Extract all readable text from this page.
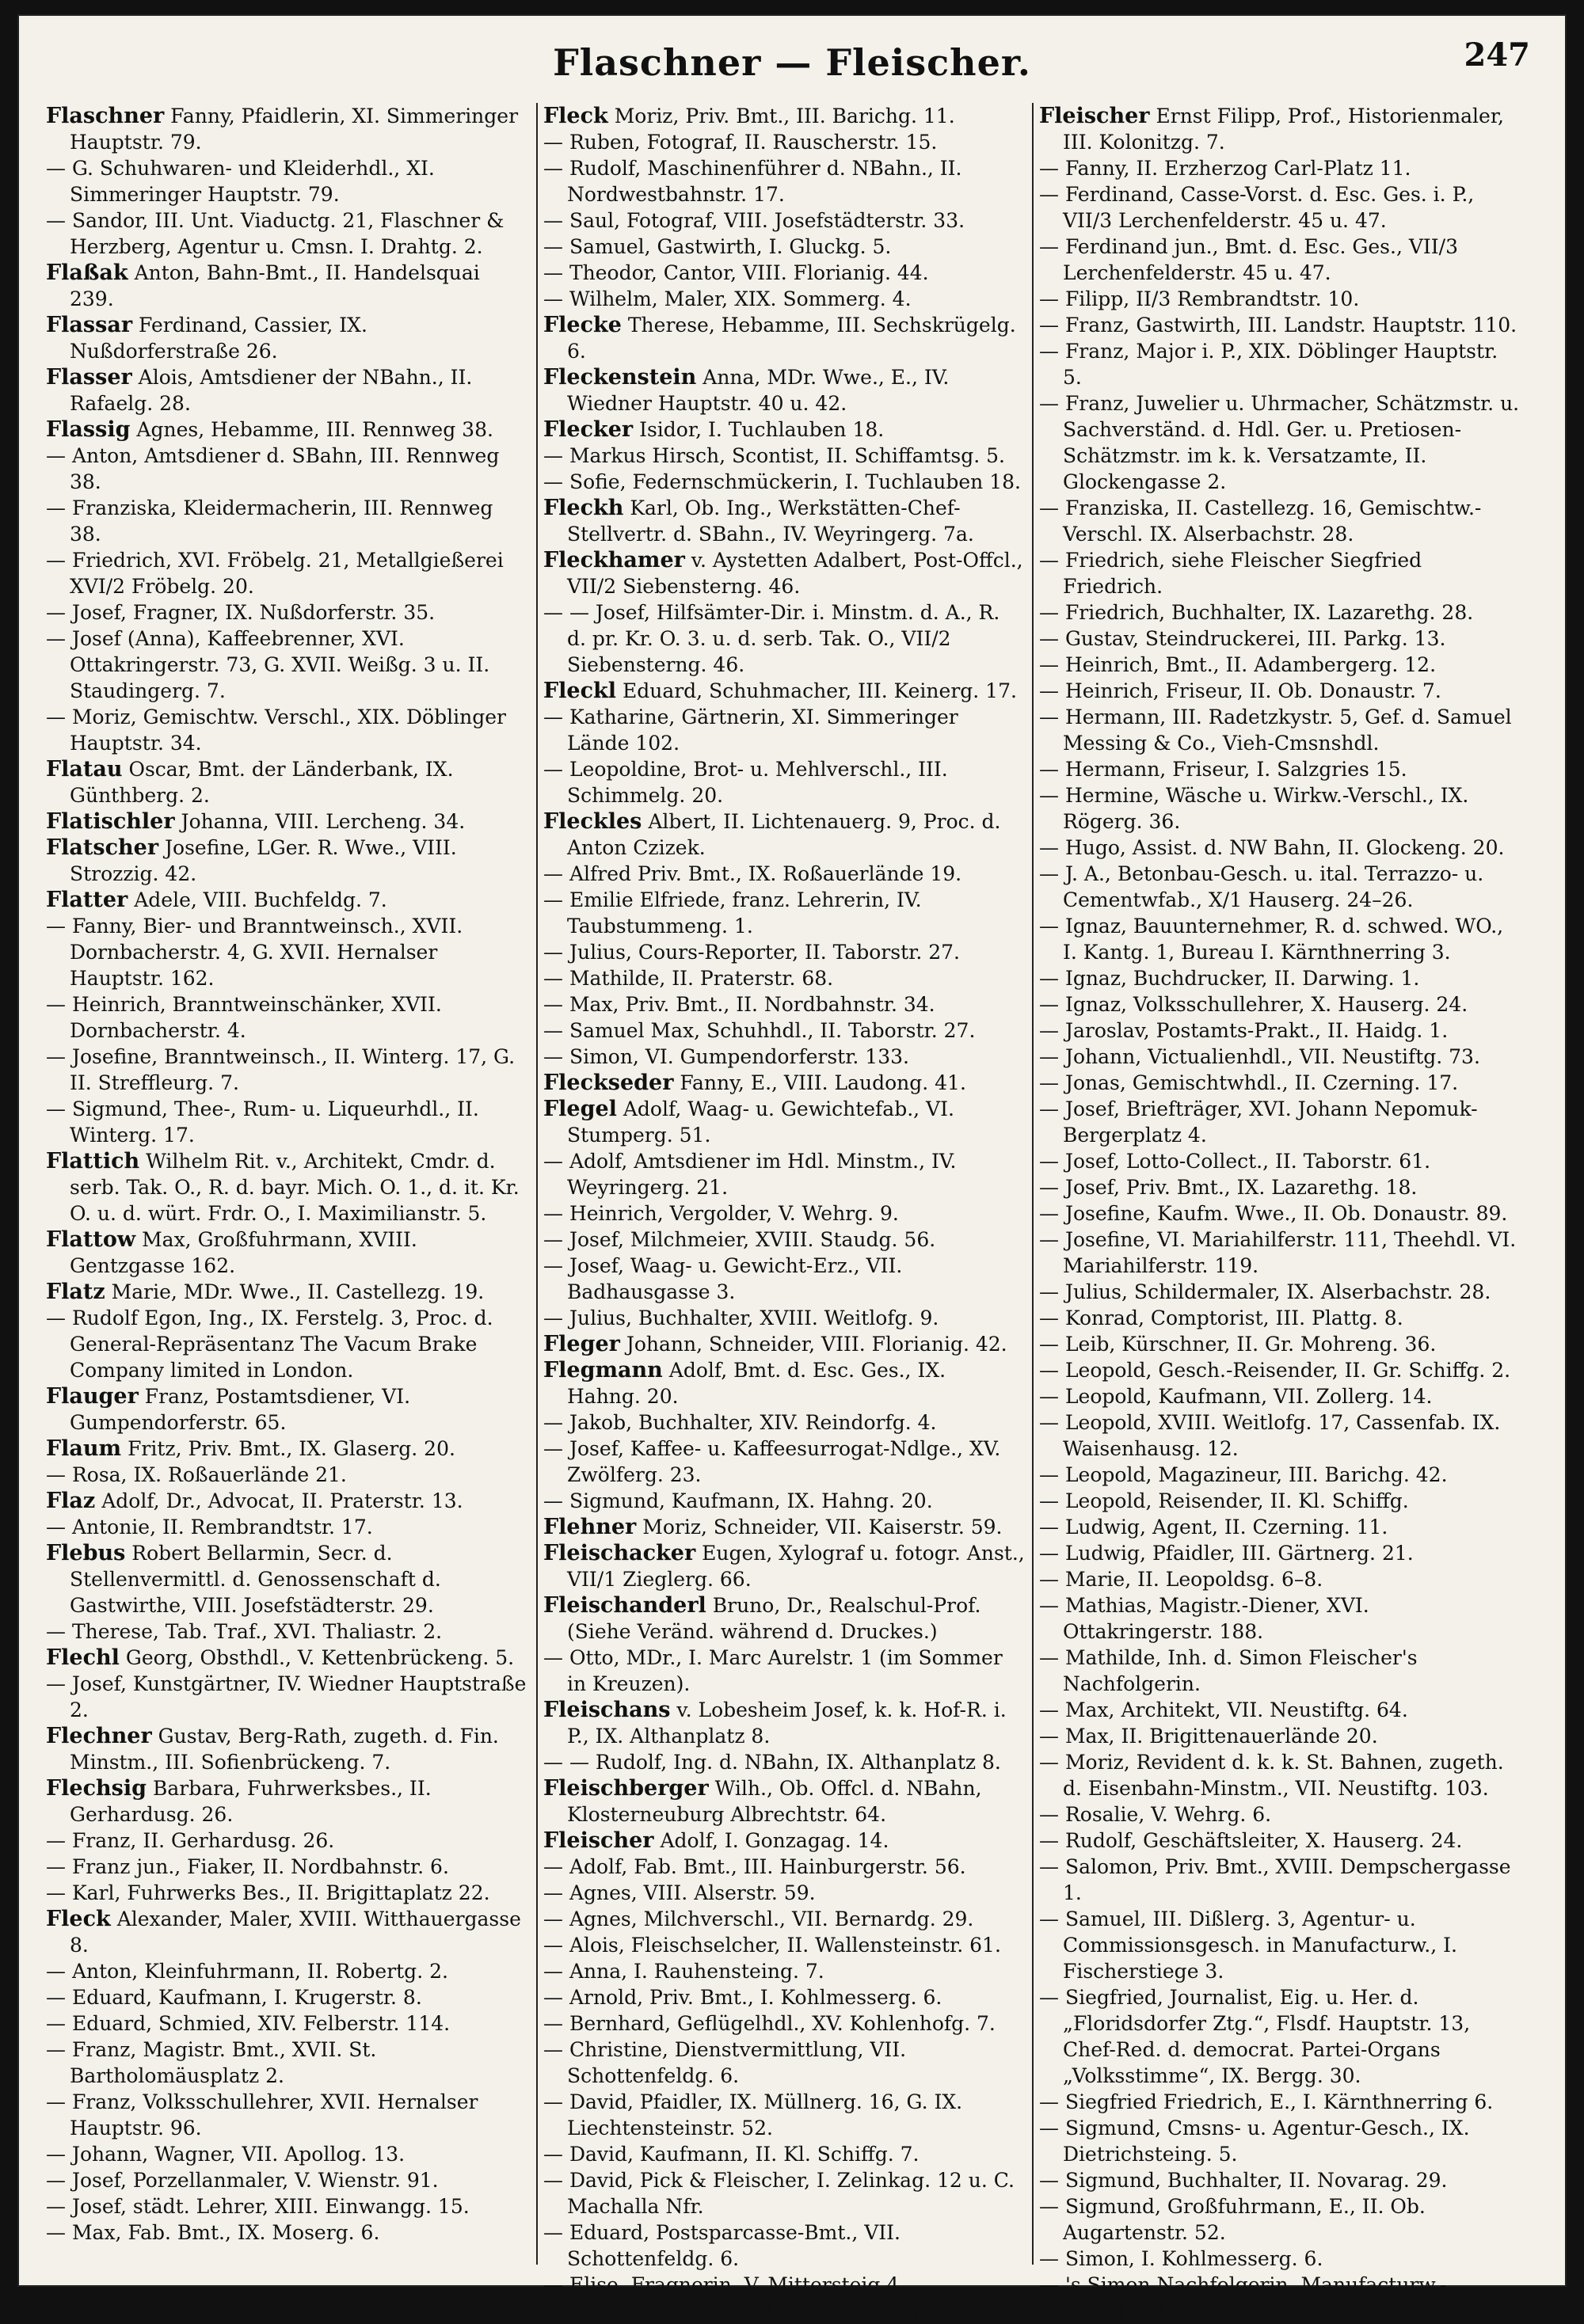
Flaschner — Fleischer.	247
Flaschner Fanny, Pfaidlerin, XI. Simmeringer Hauptstr. 79.
— G. Schuhwaren- und Kleiderhdl., XI. Simmeringer Hauptstr. 79.
— Sandor, III. Unt. Viaductg. 21, Flaschner & Herzberg, Agentur u. Cmsn. I. Drahtg. 2.
Flaßak Anton, Bahn-Bmt., II. Handelsquai 239.
Flassar Ferdinand, Cassier, IX. Nußdorferstraße 26.
Flasser Alois, Amtsdiener der NBahn., II. Rafaelg. 28.
Flassig Agnes, Hebamme, III. Rennweg 38.
— Anton, Amtsdiener d. SBahn, III. Rennweg 38.
— Franziska, Kleidermacherin, III. Rennweg 38.
— Friedrich, XVI. Fröbelg. 21, Metallgießerei XVI/2 Fröbelg. 20.
— Josef, Fragner, IX. Nußdorferstr. 35.
— Josef (Anna), Kaffeebrenner, XVI. Ottakringerstr. 73, G. XVII. Weißg. 3 u. II. Staudingerg. 7.
— Moriz, Gemischtw. Verschl., XIX. Döblinger Hauptstr. 34.
Flatau Oscar, Bmt. der Länderbank, IX. Günthberg. 2.
Flatischler Johanna, VIII. Lercheng. 34.
Flatscher Josefine, LGer. R. Wwe., VIII. Strozzig. 42.
Flatter Adele, VIII. Buchfeldg. 7.
— Fanny, Bier- und Branntweinsch., XVII. Dornbacherstr. 4, G. XVII. Hernalser Hauptstr. 162.
— Heinrich, Branntweinschänker, XVII. Dornbacherstr. 4.
— Josefine, Branntweinsch., II. Winterg. 17, G. II. Streffleurg. 7.
— Sigmund, Thee-, Rum- u. Liqueurhdl., II. Winterg. 17.
Flattich Wilhelm Rit. v., Architekt, Cmdr. d. serb. Tak. O., R. d. bayr. Mich. O. 1., d. it. Kr. O. u. d. würt. Frdr. O., I. Maximilianstr. 5.
Flattow Max, Großfuhrmann, XVIII. Gentzgasse 162.
Flatz Marie, MDr. Wwe., II. Castellezg. 19.
— Rudolf Egon, Ing., IX. Ferstelg. 3, Proc. d. General-Repräsentanz The Vacum Brake Company limited in London.
Flauger Franz, Postamtsdiener, VI. Gumpendorferstr. 65.
Flaum Fritz, Priv. Bmt., IX. Glaserg. 20.
— Rosa, IX. Roßauerlände 21.
Flaz Adolf, Dr., Advocat, II. Praterstr. 13.
— Antonie, II. Rembrandtstr. 17.
Flebus Robert Bellarmin, Secr. d. Stellenvermittl. d. Genossenschaft d. Gastwirthe, VIII. Josefstädterstr. 29.
— Therese, Tab. Traf., XVI. Thaliastr. 2.
Flechl Georg, Obsthdl., V. Kettenbrückeng. 5.
— Josef, Kunstgärtner, IV. Wiedner Hauptstraße 2.
Flechner Gustav, Berg-Rath, zugeth. d. Fin. Minstm., III. Sofienbrückeng. 7.
Flechsig Barbara, Fuhrwerksbes., II. Gerhardusg. 26.
— Franz, II. Gerhardusg. 26.
— Franz jun., Fiaker, II. Nordbahnstr. 6.
— Karl, Fuhrwerks Bes., II. Brigittaplatz 22.
Fleck Alexander, Maler, XVIII. Witthauergasse 8.
— Anton, Kleinfuhrmann, II. Robertg. 2.
— Eduard, Kaufmann, I. Krugerstr. 8.
— Eduard, Schmied, XIV. Felberstr. 114.
— Franz, Magistr. Bmt., XVII. St. Bartholomäusplatz 2.
— Franz, Volksschullehrer, XVII. Hernalser Hauptstr. 96.
— Johann, Wagner, VII. Apollog. 13.
— Josef, Porzellanmaler, V. Wienstr. 91.
— Josef, städt. Lehrer, XIII. Einwangg. 15.
— Max, Fab. Bmt., IX. Moserg. 6.
Fleck Moriz, Priv. Bmt., III. Barichg. 11.
— Ruben, Fotograf, II. Rauscherstr. 15.
— Rudolf, Maschinenführer d. NBahn., II. Nordwestbahnstr. 17.
— Saul, Fotograf, VIII. Josefstädterstr. 33.
— Samuel, Gastwirth, I. Gluckg. 5.
— Theodor, Cantor, VIII. Florianig. 44.
— Wilhelm, Maler, XIX. Sommerg. 4.
Flecke Therese, Hebamme, III. Sechskrügelg. 6.
Fleckenstein Anna, MDr. Wwe., E., IV. Wiedner Hauptstr. 40 u. 42.
Flecker Isidor, I. Tuchlauben 18.
— Markus Hirsch, Scontist, II. Schiffamtsg. 5.
— Sofie, Federnschmückerin, I. Tuchlauben 18.
Fleckh Karl, Ob. Ing., Werkstätten-Chef-Stellvertr. d. SBahn., IV. Weyringerg. 7a.
Fleckhamer v. Aystetten Adalbert, Post-Offcl., VII/2 Siebensterng. 46.
— — Josef, Hilfsämter-Dir. i. Minstm. d. A., R. d. pr. Kr. O. 3. u. d. serb. Tak. O., VII/2 Siebensterng. 46.
Fleckl Eduard, Schuhmacher, III. Keinerg. 17.
— Katharine, Gärtnerin, XI. Simmeringer Lände 102.
— Leopoldine, Brot- u. Mehlverschl., III. Schimmelg. 20.
Fleckles Albert, II. Lichtenauerg. 9, Proc. d. Anton Czizek.
— Alfred Priv. Bmt., IX. Roßauerlände 19.
— Emilie Elfriede, franz. Lehrerin, IV. Taubstummeng. 1.
— Julius, Cours-Reporter, II. Taborstr. 27.
— Mathilde, II. Praterstr. 68.
— Max, Priv. Bmt., II. Nordbahnstr. 34.
— Samuel Max, Schuhhdl., II. Taborstr. 27.
— Simon, VI. Gumpendorferstr. 133.
Fleckseder Fanny, E., VIII. Laudong. 41.
Flegel Adolf, Waag- u. Gewichtefab., VI. Stumperg. 51.
— Adolf, Amtsdiener im Hdl. Minstm., IV. Weyringerg. 21.
— Heinrich, Vergolder, V. Wehrg. 9.
— Josef, Milchmeier, XVIII. Staudg. 56.
— Josef, Waag- u. Gewicht-Erz., VII. Badhausgasse 3.
— Julius, Buchhalter, XVIII. Weitlofg. 9.
Fleger Johann, Schneider, VIII. Florianig. 42.
Flegmann Adolf, Bmt. d. Esc. Ges., IX. Hahng. 20.
— Jakob, Buchhalter, XIV. Reindorfg. 4.
— Josef, Kaffee- u. Kaffeesurrogat-Ndlge., XV. Zwölferg. 23.
— Sigmund, Kaufmann, IX. Hahng. 20.
Flehner Moriz, Schneider, VII. Kaiserstr. 59.
Fleischacker Eugen, Xylograf u. fotogr. Anst., VII/1 Zieglerg. 66.
Fleischanderl Bruno, Dr., Realschul-Prof. (Siehe Veränd. während d. Druckes.)
— Otto, MDr., I. Marc Aurelstr. 1 (im Sommer in Kreuzen).
Fleischans v. Lobesheim Josef, k. k. Hof-R. i. P., IX. Althanplatz 8.
— — Rudolf, Ing. d. NBahn, IX. Althanplatz 8.
Fleischberger Wilh., Ob. Offcl. d. NBahn, Klosterneuburg Albrechtstr. 64.
Fleischer Adolf, I. Gonzagag. 14.
— Adolf, Fab. Bmt., III. Hainburgerstr. 56.
— Agnes, VIII. Alserstr. 59.
— Agnes, Milchverschl., VII. Bernardg. 29.
— Alois, Fleischselcher, II. Wallensteinstr. 61.
— Anna, I. Rauhensteing. 7.
— Arnold, Priv. Bmt., I. Kohlmesserg. 6.
— Bernhard, Geflügelhdl., XV. Kohlenhofg. 7.
— Christine, Dienstvermittlung, VII. Schottenfeldg. 6.
— David, Pfaidler, IX. Müllnerg. 16, G. IX. Liechtensteinstr. 52.
— David, Kaufmann, II. Kl. Schiffg. 7.
— David, Pick & Fleischer, I. Zelinkag. 12 u. C. Machalla Nfr.
— Eduard, Postsparcasse-Bmt., VII. Schottenfeldg. 6.
— Elise, Fragnerin, V. Mittersteig 4.
— Emilie, Feinputzerei, VII. Kircheng. 35.
Fleischer Ernst Filipp, Prof., Historienmaler, III. Kolonitzg. 7.
— Fanny, II. Erzherzog Carl-Platz 11.
— Ferdinand, Casse-Vorst. d. Esc. Ges. i. P., VII/3 Lerchenfelderstr. 45 u. 47.
— Ferdinand jun., Bmt. d. Esc. Ges., VII/3 Lerchenfelderstr. 45 u. 47.
— Filipp, II/3 Rembrandtstr. 10.
— Franz, Gastwirth, III. Landstr. Hauptstr. 110.
— Franz, Major i. P., XIX. Döblinger Hauptstr. 5.
— Franz, Juwelier u. Uhrmacher, Schätzmstr. u. Sachverständ. d. Hdl. Ger. u. Pretiosen-Schätzmstr. im k. k. Versatzamte, II. Glockengasse 2.
— Franziska, II. Castellezg. 16, Gemischtw.-Verschl. IX. Alserbachstr. 28.
— Friedrich, siehe Fleischer Siegfried Friedrich.
— Friedrich, Buchhalter, IX. Lazarethg. 28.
— Gustav, Steindruckerei, III. Parkg. 13.
— Heinrich, Bmt., II. Adambergerg. 12.
— Heinrich, Friseur, II. Ob. Donaustr. 7.
— Hermann, III. Radetzkystr. 5, Gef. d. Samuel Messing & Co., Vieh-Cmsnshdl.
— Hermann, Friseur, I. Salzgries 15.
— Hermine, Wäsche u. Wirkw.-Verschl., IX. Rögerg. 36.
— Hugo, Assist. d. NW Bahn, II. Glockeng. 20.
— J. A., Betonbau-Gesch. u. ital. Terrazzo- u. Cementwfab., X/1 Hauserg. 24–26.
— Ignaz, Bauunternehmer, R. d. schwed. WO., I. Kantg. 1, Bureau I. Kärnthnerring 3.
— Ignaz, Buchdrucker, II. Darwing. 1.
— Ignaz, Volksschullehrer, X. Hauserg. 24.
— Jaroslav, Postamts-Prakt., II. Haidg. 1.
— Johann, Victualienhdl., VII. Neustiftg. 73.
— Jonas, Gemischtwhdl., II. Czerning. 17.
— Josef, Briefträger, XVI. Johann Nepomuk-Bergerplatz 4.
— Josef, Lotto-Collect., II. Taborstr. 61.
— Josef, Priv. Bmt., IX. Lazarethg. 18.
— Josefine, Kaufm. Wwe., II. Ob. Donaustr. 89.
— Josefine, VI. Mariahilferstr. 111, Theehdl. VI. Mariahilferstr. 119.
— Julius, Schildermaler, IX. Alserbachstr. 28.
— Konrad, Comptorist, III. Plattg. 8.
— Leib, Kürschner, II. Gr. Mohreng. 36.
— Leopold, Gesch.-Reisender, II. Gr. Schiffg. 2.
— Leopold, Kaufmann, VII. Zollerg. 14.
— Leopold, XVIII. Weitlofg. 17, Cassenfab. IX. Waisenhausg. 12.
— Leopold, Magazineur, III. Barichg. 42.
— Leopold, Reisender, II. Kl. Schiffg.
— Ludwig, Agent, II. Czerning. 11.
— Ludwig, Pfaidler, III. Gärtnerg. 21.
— Marie, II. Leopoldsg. 6–8.
— Mathias, Magistr.-Diener, XVI. Ottakringerstr. 188.
— Mathilde, Inh. d. Simon Fleischer's Nachfolgerin.
— Max, Architekt, VII. Neustiftg. 64.
— Max, II. Brigittenauerlände 20.
— Moriz, Revident d. k. k. St. Bahnen, zugeth. d. Eisenbahn-Minstm., VII. Neustiftg. 103.
— Rosalie, V. Wehrg. 6.
— Rudolf, Geschäftsleiter, X. Hauserg. 24.
— Salomon, Priv. Bmt., XVIII. Dempschergasse 1.
— Samuel, III. Dißlerg. 3, Agentur- u. Commissionsgesch. in Manufacturw., I. Fischerstiege 3.
— Siegfried, Journalist, Eig. u. Her. d. „Floridsdorfer Ztg.“, Flsdf. Hauptstr. 13, Chef-Red. d. democrat. Partei-Organs „Volksstimme“, IX. Bergg. 30.
— Siegfried Friedrich, E., I. Kärnthnerring 6.
— Sigmund, Cmsns- u. Agentur-Gesch., IX. Dietrichsteing. 5.
— Sigmund, Buchhalter, II. Novarag. 29.
— Sigmund, Großfuhrmann, E., II. Ob. Augartenstr. 52.
— Simon, I. Kohlmesserg. 6.
— 's Simon Nachfolgerin, Manufacturw.-Verschl., I. Fischerstiege 2.
